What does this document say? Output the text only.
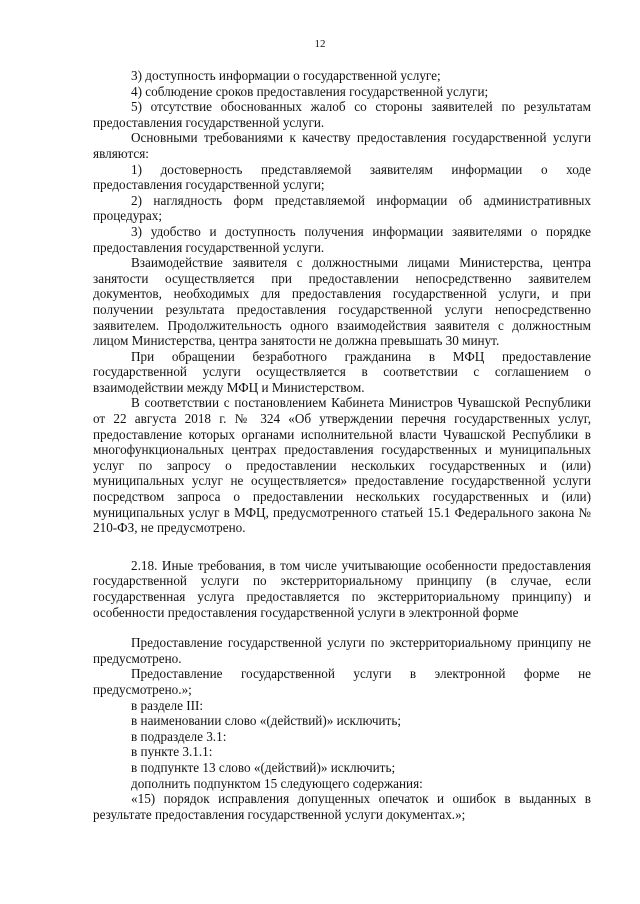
12

3) доступность информации о государственной услуге;

4) соблюдение сроков предоставления государственной услуги;

5) отсутствие обоснованных жалоб со стороны заявителей по результатам предоставления государственной услуги.

Основными требованиями к качеству предоставления государственной услуги являются:

1) достоверность представляемой заявителям информации о ходе предоставления государственной услуги;

2) наглядность форм представляемой информации об административных процедурах;

3) удобство и доступность получения информации заявителями о порядке предоставления государственной услуги.

Взаимодействие заявителя с должностными лицами Министерства, центра занятости осуществляется при предоставлении непосредственно заявителем документов, необходимых для предоставления государственной услуги, и при получении результата предоставления государственной услуги непосредственно заявителем. Продолжительность одного взаимодействия заявителя с должностным лицом Министерства, центра занятости не должна превышать 30 минут.

При обращении безработного гражданина в МФЦ предоставление государственной услуги осуществляется в соответствии с соглашением о взаимодействии между МФЦ и Министерством.

В соответствии с постановлением Кабинета Министров Чувашской Республики от 22 августа 2018 г. № 324 «Об утверждении перечня государственных услуг, предоставление которых органами исполнительной власти Чувашской Республики в многофункциональных центрах предоставления государственных и муниципальных услуг по запросу о предоставлении нескольких государственных и (или) муниципальных услуг не осуществляется» предоставление государственной услуги посредством запроса о предоставлении нескольких государственных и (или) муниципальных услуг в МФЦ, предусмотренного статьей 15.1 Федерального закона № 210-ФЗ, не предусмотрено.

2.18. Иные требования, в том числе учитывающие особенности предоставления государственной услуги по экстерриториальному принципу (в случае, если государственная услуга предоставляется по экстерриториальному принципу) и особенности предоставления государственной услуги в электронной форме

Предоставление государственной услуги по экстерриториальному принципу не предусмотрено.

Предоставление государственной услуги в электронной форме не предусмотрено.»;

в разделе III:

в наименовании слово «(действий)» исключить;

в подразделе 3.1:

в пункте 3.1.1:

в подпункте 13 слово «(действий)» исключить;

дополнить подпунктом 15 следующего содержания:

«15) порядок исправления допущенных опечаток и ошибок в выданных в результате предоставления государственной услуги документах.»;
